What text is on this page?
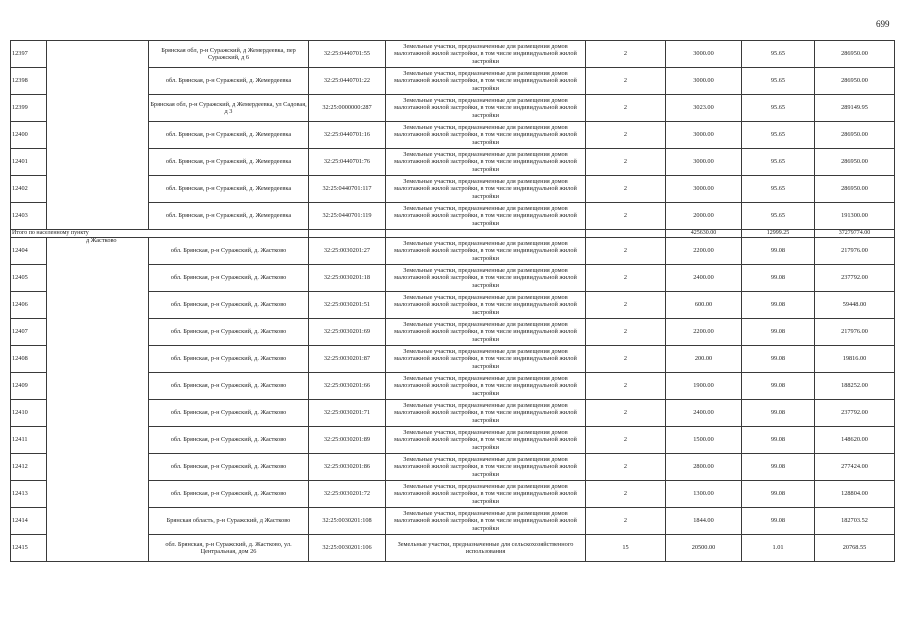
699
12397		Брянская обл, р-н Суражский, д Жемердеевка, пер Суражский, д 6	32:25:0440701:55	Земельные участки, предназначенные для размещения домов малоэтажной жилой застройки, в том числе индивидуальной жилой застройки	2	3000.00	95.65	286950.00
12398		обл. Брянская, р-н Суражский, д. Жемердеевка	32:25:0440701:22	Земельные участки, предназначенные для размещения домов малоэтажной жилой застройки, в том числе индивидуальной жилой застройки	2	3000.00	95.65	286950.00
12399		Брянская обл, р-н Суражский, д Жемердеевка, ул Садовая, д 3	32:25:0000000:287	Земельные участки, предназначенные для размещения домов малоэтажной жилой застройки, в том числе индивидуальной жилой застройки	2	3023.00	95.65	289149.95
12400		обл. Брянская, р-н Суражский, д. Жемердеевка	32:25:0440701:16	Земельные участки, предназначенные для размещения домов малоэтажной жилой застройки, в том числе индивидуальной жилой застройки	2	3000.00	95.65	286950.00
12401		обл. Брянская, р-н Суражский, д. Жемердеевка	32:25:0440701:76	Земельные участки, предназначенные для размещения домов малоэтажной жилой застройки, в том числе индивидуальной жилой застройки	2	3000.00	95.65	286950.00
12402		обл. Брянская, р-н Суражский, д. Жемердеевка	32:25:0440701:117	Земельные участки, предназначенные для размещения домов малоэтажной жилой застройки, в том числе индивидуальной жилой застройки	2	3000.00	95.65	286950.00
12403		обл. Брянская, р-н Суражский, д. Жемердеевка	32:25:0440701:119	Земельные участки, предназначенные для размещения домов малоэтажной жилой застройки, в том числе индивидуальной жилой застройки	2	2000.00	95.65	191300.00
Итого по населенному пункту						425630.00	12999.25	37279774.00
12404	д Жастково	обл. Брянская, р-н Суражский, д. Жастково	32:25:0030201:27	Земельные участки, предназначенные для размещения домов малоэтажной жилой застройки, в том числе индивидуальной жилой застройки	2	2200.00	99.08	217976.00
12405		обл. Брянская, р-н Суражский, д. Жастково	32:25:0030201:18	Земельные участки, предназначенные для размещения домов малоэтажной жилой застройки, в том числе индивидуальной жилой застройки	2	2400.00	99.08	237792.00
12406		обл. Брянская, р-н Суражский, д. Жастково	32:25:0030201:51	Земельные участки, предназначенные для размещения домов малоэтажной жилой застройки, в том числе индивидуальной жилой застройки	2	600.00	99.08	59448.00
12407		обл. Брянская, р-н Суражский, д. Жастково	32:25:0030201:69	Земельные участки, предназначенные для размещения домов малоэтажной жилой застройки, в том числе индивидуальной жилой застройки	2	2200.00	99.08	217976.00
12408		обл. Брянская, р-н Суражский, д. Жастково	32:25:0030201:87	Земельные участки, предназначенные для размещения домов малоэтажной жилой застройки, в том числе индивидуальной жилой застройки	2	200.00	99.08	19816.00
12409		обл. Брянская, р-н Суражский, д. Жастково	32:25:0030201:66	Земельные участки, предназначенные для размещения домов малоэтажной жилой застройки, в том числе индивидуальной жилой застройки	2	1900.00	99.08	188252.00
12410		обл. Брянская, р-н Суражский, д. Жастково	32:25:0030201:71	Земельные участки, предназначенные для размещения домов малоэтажной жилой застройки, в том числе индивидуальной жилой застройки	2	2400.00	99.08	237792.00
12411		обл. Брянская, р-н Суражский, д. Жастково	32:25:0030201:89	Земельные участки, предназначенные для размещения домов малоэтажной жилой застройки, в том числе индивидуальной жилой застройки	2	1500.00	99.08	148620.00
12412		обл. Брянская, р-н Суражский, д. Жастково	32:25:0030201:86	Земельные участки, предназначенные для размещения домов малоэтажной жилой застройки, в том числе индивидуальной жилой застройки	2	2800.00	99.08	277424.00
12413		обл. Брянская, р-н Суражский, д. Жастково	32:25:0030201:72	Земельные участки, предназначенные для размещения домов малоэтажной жилой застройки, в том числе индивидуальной жилой застройки	2	1300.00	99.08	128804.00
12414		Брянская область, р-н Суражский, д Жастково	32:25:0030201:108	Земельные участки, предназначенные для размещения домов малоэтажной жилой застройки, в том числе индивидуальной жилой застройки	2	1844.00	99.08	182703.52
12415		обл. Брянская, р-н Суражский, д. Жастково, ул. Центральная, дом 26	32:25:0030201:106	Земельные участки, предназначенные для сельскохозяйственного использования	15	20500.00	1.01	20768.55
